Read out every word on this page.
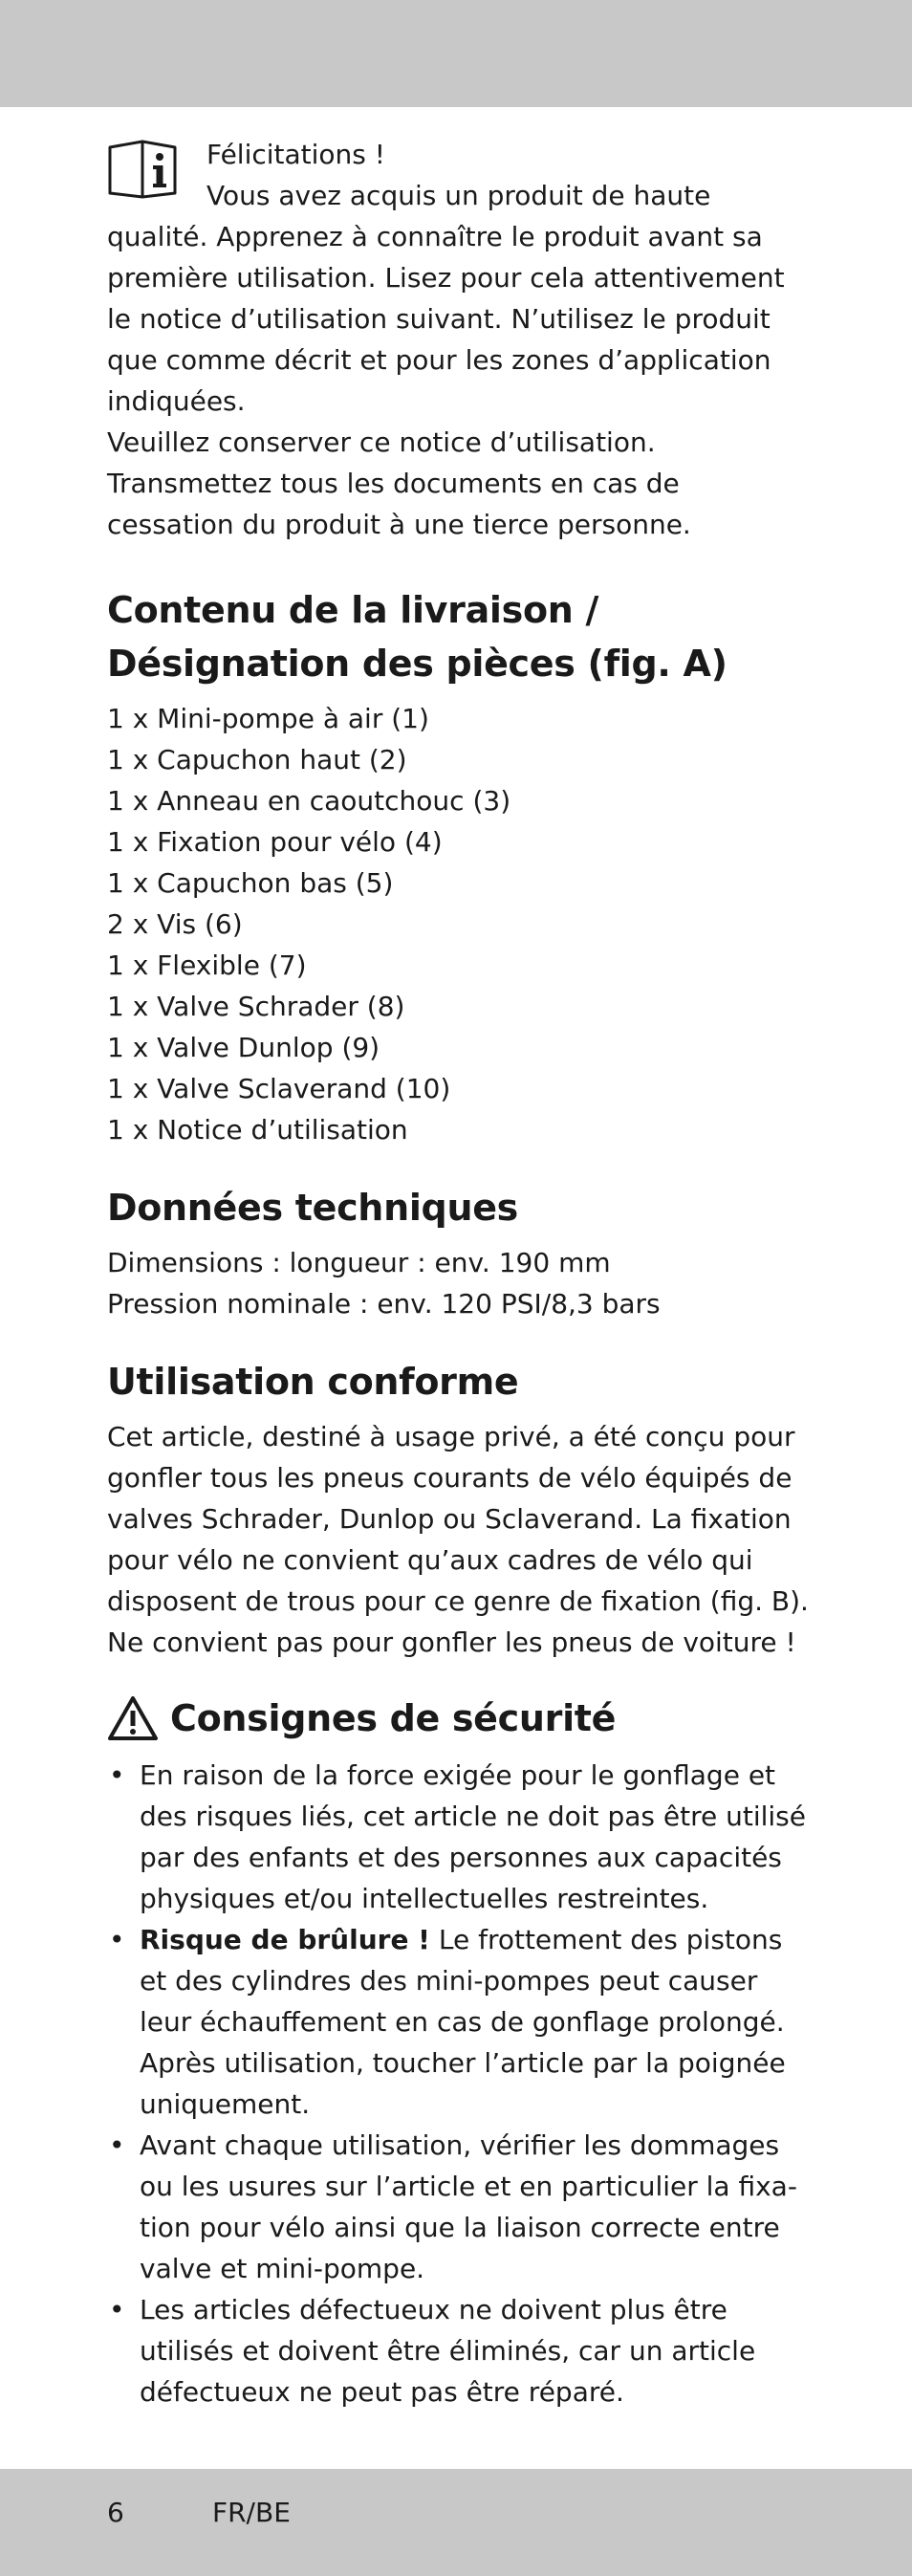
Félicitations !
Vous avez acquis un produit de haute
qualité. Apprenez à connaître le produit avant sa première utilisation. Lisez pour cela attentivement le notice d’utilisation suivant. N’utilisez le produit que comme décrit et pour les zones d’application indiquées.
Veuillez conserver ce notice d’utilisation. Transmettez tous les documents en cas de cessation du produit à une tierce personne.
Contenu de la livraison / Désignation des pièces (fig. A)
1 x Mini-pompe à air (1)
1 x Capuchon haut (2)
1 x Anneau en caoutchouc (3)
1 x Fixation pour vélo (4)
1 x Capuchon bas (5)
2 x Vis (6)
1 x Flexible (7)
1 x Valve Schrader (8)
1 x Valve Dunlop (9)
1 x Valve Sclaverand (10)
1 x Notice d’utilisation
Données techniques
Dimensions : longueur : env. 190 mm
Pression nominale : env. 120 PSI/8,3 bars
Utilisation conforme
Cet article, destiné à usage privé, a été conçu pour gonfler tous les pneus courants de vélo équipés de valves Schrader, Dunlop ou Sclaverand. La fixation pour vélo ne convient qu’aux cadres de vélo qui disposent de trous pour ce genre de fixation (fig. B). Ne convient pas pour gonfler les pneus de voiture !
Consignes de sécurité
• En raison de la force exigée pour le gonflage et des risques liés, cet article ne doit pas être utilisé par des enfants et des personnes aux capacités physiques et/ou intellectuelles restreintes.
• Risque de brûlure ! Le frottement des pistons et des cylindres des mini-pompes peut causer leur échauffement en cas de gonflage prolongé. Après utilisation, toucher l’article par la poignée uniquement.
• Avant chaque utilisation, vérifier les dommages ou les usures sur l’article et en particulier la fixa-tion pour vélo ainsi que la liaison correcte entre valve et mini-pompe.
• Les articles défectueux ne doivent plus être utilisés et doivent être éliminés, car un article défectueux ne peut pas être réparé.
6	FR/BE
